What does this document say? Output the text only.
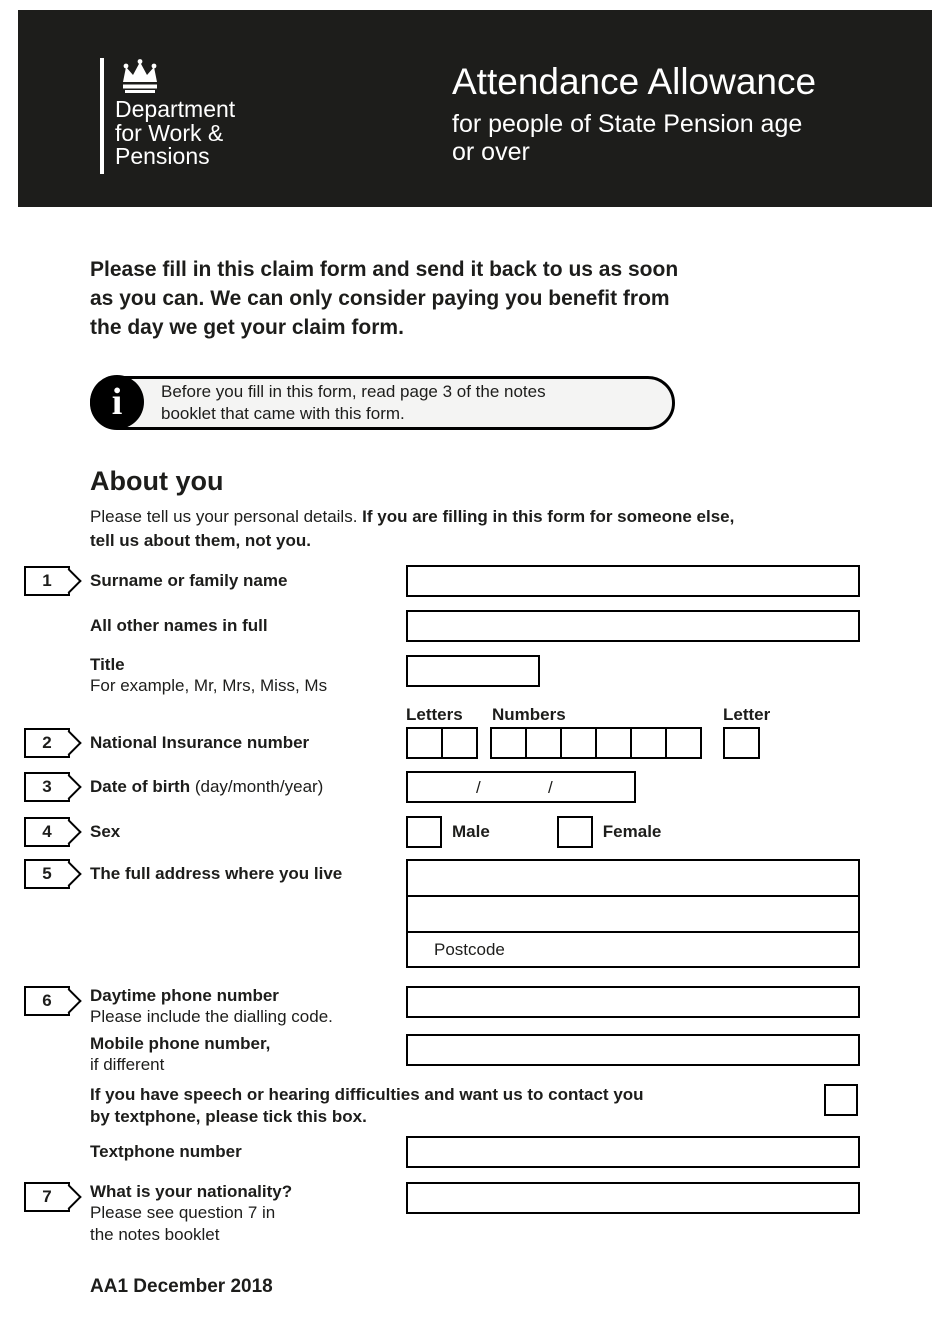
Department
for Work &
Pensions
Attendance Allowance
for people of State Pension age
or over
Please fill in this claim form and send it back to us as soon
as you can. We can only consider paying you benefit from
the day we get your claim form.
i	Before you fill in this form, read page 3 of the notes
booklet that came with this form.
About you
Please tell us your personal details. If you are filling in this form for someone else,
tell us about them, not you.
1	Surname or family name
All other names in full
Title
For example, Mr, Mrs, Miss, Ms
Letters Numbers	Letter
2	National Insurance number
3	Date of birth (day/month/year)	/	/
4	Sex	Male	Female
5	The full address where you live
Postcode
6	Daytime phone number
Please include the dialling code.
Mobile phone number,
if different
If you have speech or hearing difficulties and want us to contact you
by textphone, please tick this box.
Textphone number
7	What is your nationality?
Please see question 7 in
the notes booklet
AA1 December 2018
